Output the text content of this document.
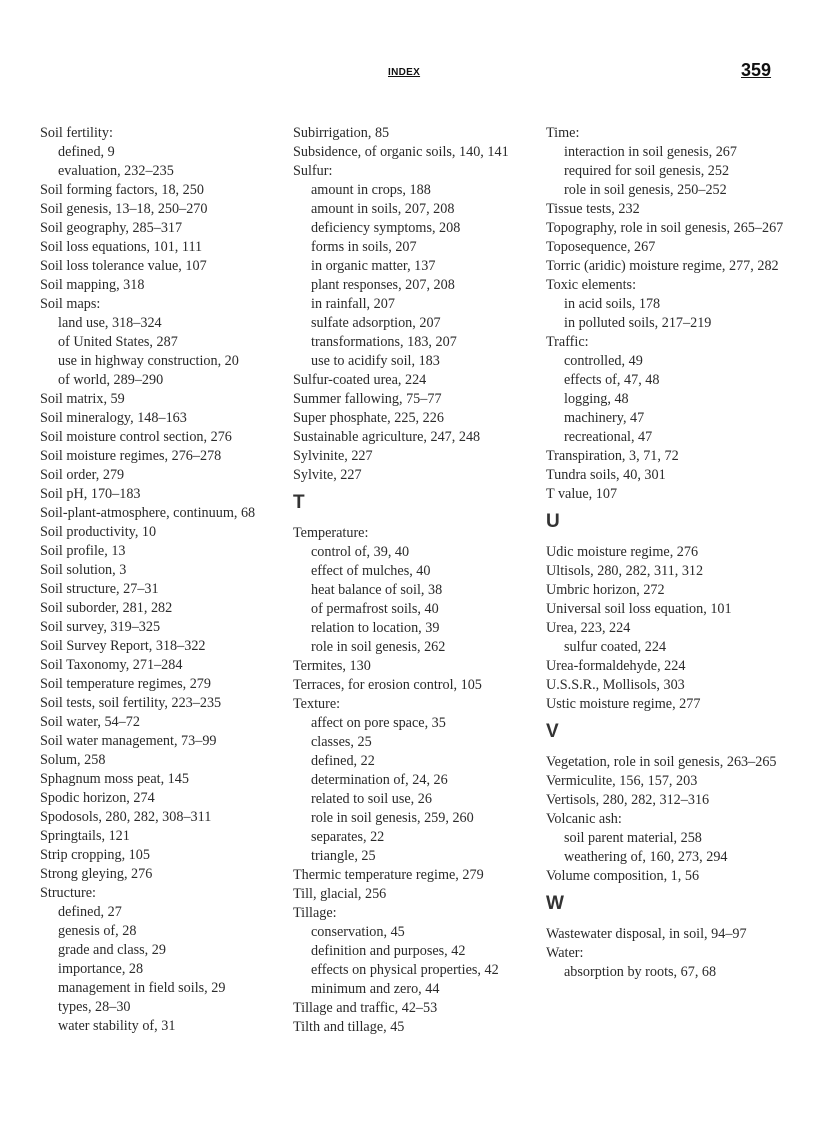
INDEX	359
Soil fertility:
defined, 9
evaluation, 232–235
Soil forming factors, 18, 250
Soil genesis, 13–18, 250–270
Soil geography, 285–317
Soil loss equations, 101, 111
Soil loss tolerance value, 107
Soil mapping, 318
Soil maps:
land use, 318–324
of United States, 287
use in highway construction, 20
of world, 289–290
Soil matrix, 59
Soil mineralogy, 148–163
Soil moisture control section, 276
Soil moisture regimes, 276–278
Soil order, 279
Soil pH, 170–183
Soil-plant-atmosphere, continuum, 68
Soil productivity, 10
Soil profile, 13
Soil solution, 3
Soil structure, 27–31
Soil suborder, 281, 282
Soil survey, 319–325
Soil Survey Report, 318–322
Soil Taxonomy, 271–284
Soil temperature regimes, 279
Soil tests, soil fertility, 223–235
Soil water, 54–72
Soil water management, 73–99
Solum, 258
Sphagnum moss peat, 145
Spodic horizon, 274
Spodosols, 280, 282, 308–311
Springtails, 121
Strip cropping, 105
Strong gleying, 276
Structure:
defined, 27
genesis of, 28
grade and class, 29
importance, 28
management in field soils, 29
types, 28–30
water stability of, 31
Subirrigation, 85
Subsidence, of organic soils, 140, 141
Sulfur:
amount in crops, 188
amount in soils, 207, 208
deficiency symptoms, 208
forms in soils, 207
in organic matter, 137
plant responses, 207, 208
in rainfall, 207
sulfate adsorption, 207
transformations, 183, 207
use to acidify soil, 183
Sulfur-coated urea, 224
Summer fallowing, 75–77
Super phosphate, 225, 226
Sustainable agriculture, 247, 248
Sylvinite, 227
Sylvite, 227
T
Temperature:
control of, 39, 40
effect of mulches, 40
heat balance of soil, 38
of permafrost soils, 40
relation to location, 39
role in soil genesis, 262
Termites, 130
Terraces, for erosion control, 105
Texture:
affect on pore space, 35
classes, 25
defined, 22
determination of, 24, 26
related to soil use, 26
role in soil genesis, 259, 260
separates, 22
triangle, 25
Thermic temperature regime, 279
Till, glacial, 256
Tillage:
conservation, 45
definition and purposes, 42
effects on physical properties, 42
minimum and zero, 44
Tillage and traffic, 42–53
Tilth and tillage, 45
Time:
interaction in soil genesis, 267
required for soil genesis, 252
role in soil genesis, 250–252
Tissue tests, 232
Topography, role in soil genesis, 265–267
Toposequence, 267
Torric (aridic) moisture regime, 277, 282
Toxic elements:
in acid soils, 178
in polluted soils, 217–219
Traffic:
controlled, 49
effects of, 47, 48
logging, 48
machinery, 47
recreational, 47
Transpiration, 3, 71, 72
Tundra soils, 40, 301
T value, 107
U
Udic moisture regime, 276
Ultisols, 280, 282, 311, 312
Umbric horizon, 272
Universal soil loss equation, 101
Urea, 223, 224
sulfur coated, 224
Urea-formaldehyde, 224
U.S.S.R., Mollisols, 303
Ustic moisture regime, 277
V
Vegetation, role in soil genesis, 263–265
Vermiculite, 156, 157, 203
Vertisols, 280, 282, 312–316
Volcanic ash:
soil parent material, 258
weathering of, 160, 273, 294
Volume composition, 1, 56
W
Wastewater disposal, in soil, 94–97
Water:
absorption by roots, 67, 68
